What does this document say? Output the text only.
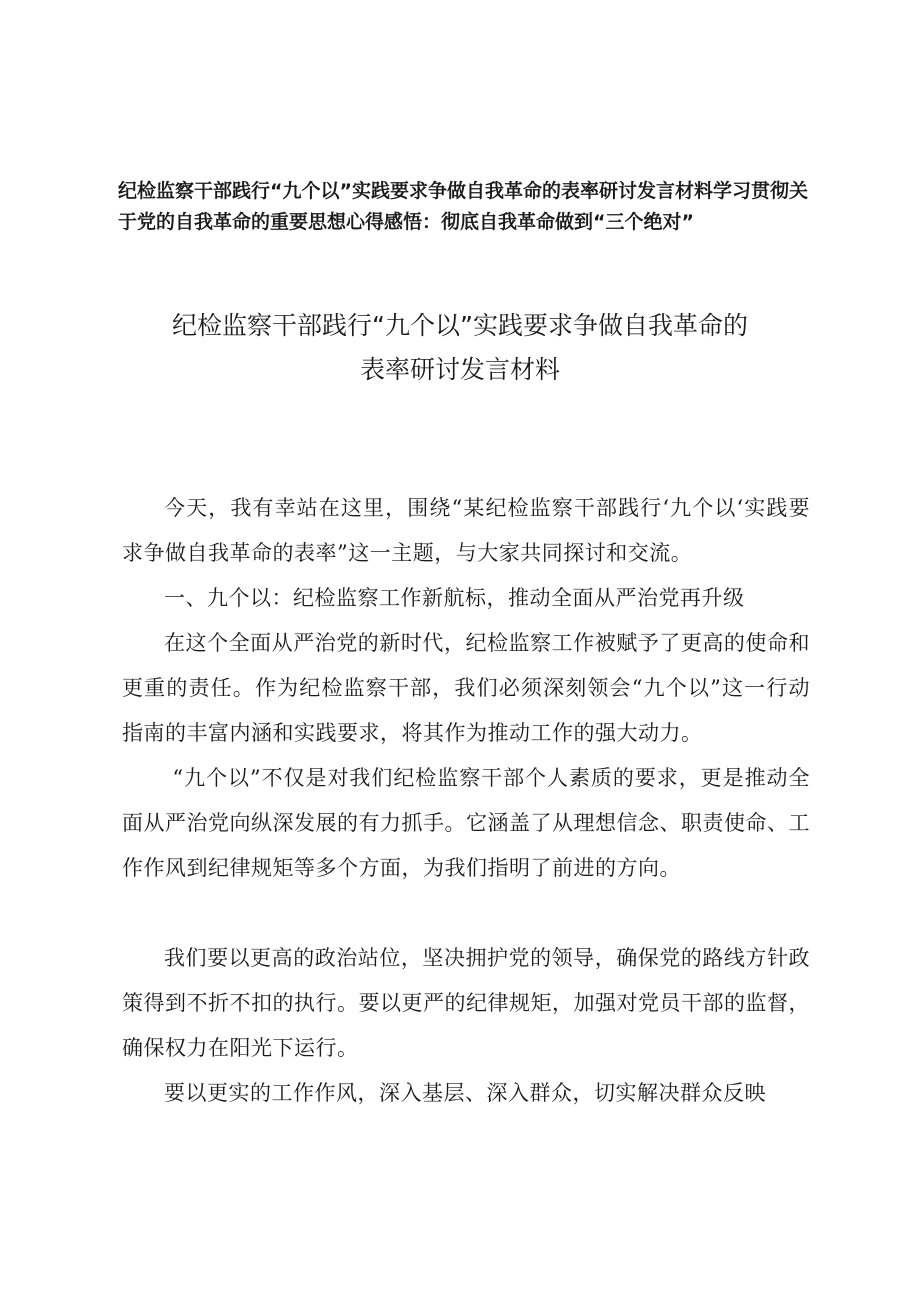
纪检监察干部践行“九个以”实践要求争做自我革命的表率研讨发言材料学习贯彻关于党的自我革命的重要思想心得感悟：彻底自我革命做到“三个绝对”

纪检监察干部践行“九个以”实践要求争做自我革命的
表率研讨发言材料

今天，我有幸站在这里，围绕“某纪检监察干部践行‘九个以‘实践要求争做自我革命的表率”这一主题，与大家共同探讨和交流。

一、九个以：纪检监察工作新航标，推动全面从严治党再升级

在这个全面从严治党的新时代，纪检监察工作被赋予了更高的使命和更重的责任。作为纪检监察干部，我们必须深刻领会“九个以”这一行动指南的丰富内涵和实践要求，将其作为推动工作的强大动力。

“九个以”不仅是对我们纪检监察干部个人素质的要求，更是推动全面从严治党向纵深发展的有力抓手。它涵盖了从理想信念、职责使命、工作作风到纪律规矩等多个方面，为我们指明了前进的方向。

我们要以更高的政治站位，坚决拥护党的领导，确保党的路线方针政策得到不折不扣的执行。要以更严的纪律规矩，加强对党员干部的监督，确保权力在阳光下运行。

要以更实的工作作风，深入基层、深入群众，切实解决群众反映
